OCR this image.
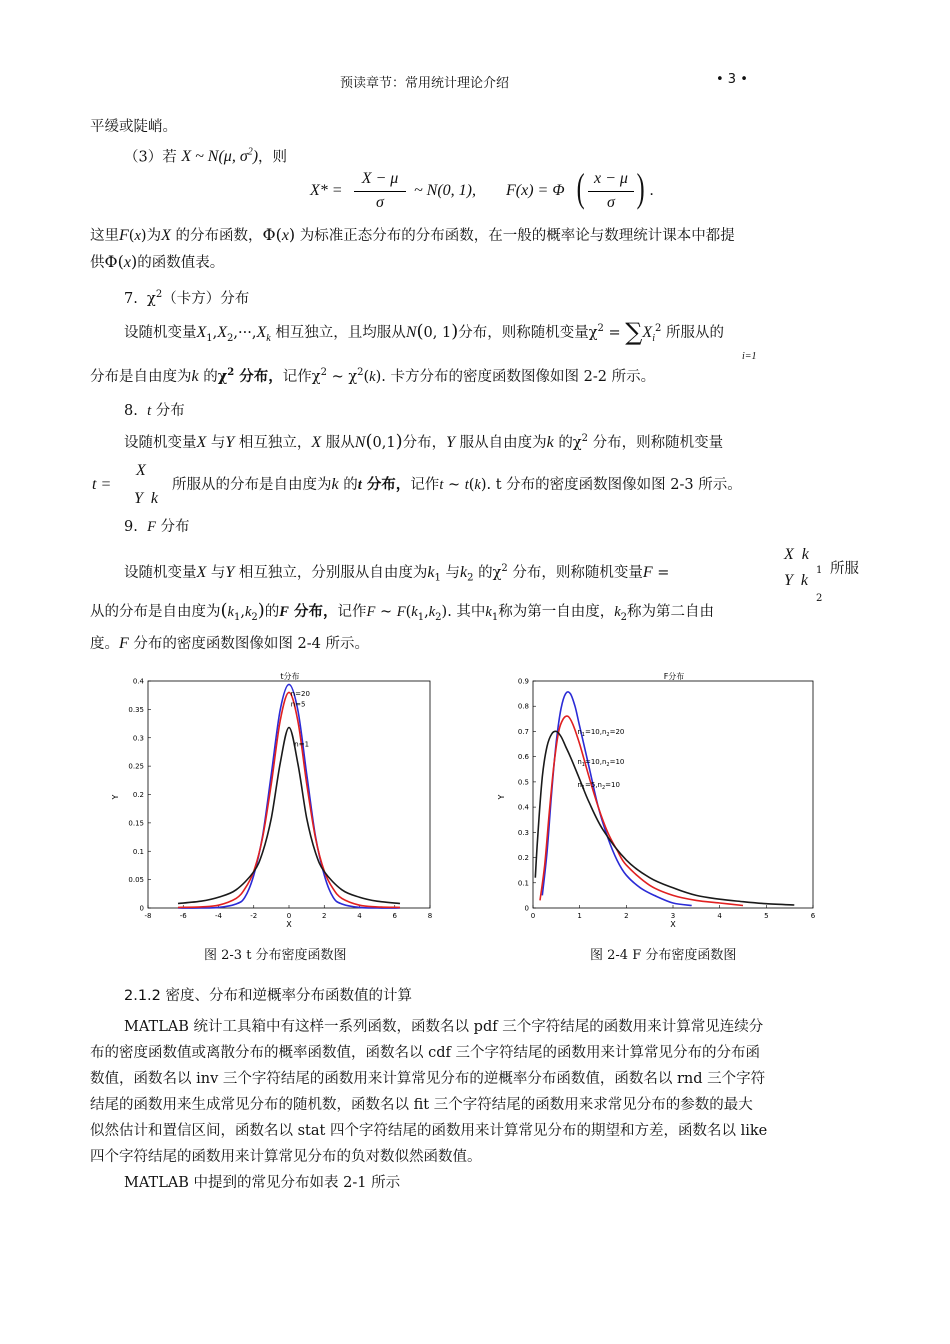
预读章节：常用统计理论介绍	• 3 •
平缓或陡峭。
（3）若 X ~ N(μ, $\sigma^2$)，则
X* =
X − μ
σ
~ N(0, 1), F(x) = Φ ( x − μ
σ ) .
这里F(x)为X 的分布函数，Φ(x) 为标准正态分布的分布函数，在一般的概率论与数理统计课本中都提
供Φ(x)的函数值表。
7.  $\chi^2$（卡方）分布
设随机变量$X_1,X_2,\cdot\cdot\cdot,X_k$ 相互独立，且均服从N(0, 1)分布，则称随机变量$\chi^2 = \sum X_i^2$ 所服从的
i=1
分布是自由度为k 的$\chi^2$ 分布，记作$\chi^2$ ~ $\chi^2(k)$. 卡方分布的密度函数图像如图 2-2 所示。
8.  t 分布
设随机变量X 与Y 相互独立，X 服从N(0,1)分布，Y 服从自由度为k 的$\chi^2$ 分布，则称随机变量
t =
X
Y  k
所服从的分布是自由度为k 的t 分布，记作t ~ t(k). t 分布的密度函数图像如图 2-3 所示。
9.  F 分布
设随机变量X 与Y 相互独立，分别服从自由度为$k_1$ 与$k_2$ 的$\chi^2$ 分布，则称随机变量F =
X  k
1
Y  k
2
所服
从的分布是自由度为$(k_1,k_2)$的F 分布，记作F ~ $F(k_1,k_2)$. 其中$k_1$称为第一自由度，$k_2$称为第二自由
度。F 分布的密度函数图像如图 2-4 所示。
t分布
-8	-6	-4	-2	0	2	4	6	8
0
0.05
0.1
0.15
0.2
0.25
0.3
0.35
0.4
n=20
n=5
n=1
X
Y
图 2-3 t 分布密度函数图
F分布
0	1	2	3	4	5	6
0
0.1
0.2
0.3
0.4
0.5
0.6
0.7
0.8
0.9
$n_1=10,n_2=20$
$n_1=10,n_2=10$
$n_1=5,n_2=10$
X
Y
图 2-4 F 分布密度函数图
2.1.2 密度、分布和逆概率分布函数值的计算
MATLAB 统计工具箱中有这样一系列函数，函数名以 pdf 三个字符结尾的函数用来计算常见连续分
布的密度函数值或离散分布的概率函数值，函数名以 cdf 三个字符结尾的函数用来计算常见分布的分布函
数值，函数名以 inv 三个字符结尾的函数用来计算常见分布的逆概率分布函数值，函数名以 rnd 三个字符
结尾的函数用来生成常见分布的随机数，函数名以 fit 三个字符结尾的函数用来求常见分布的参数的最大
似然估计和置信区间，函数名以 stat 四个字符结尾的函数用来计算常见分布的期望和方差，函数名以 like
四个字符结尾的函数用来计算常见分布的负对数似然函数值。
MATLAB 中提到的常见分布如表 2-1 所示
